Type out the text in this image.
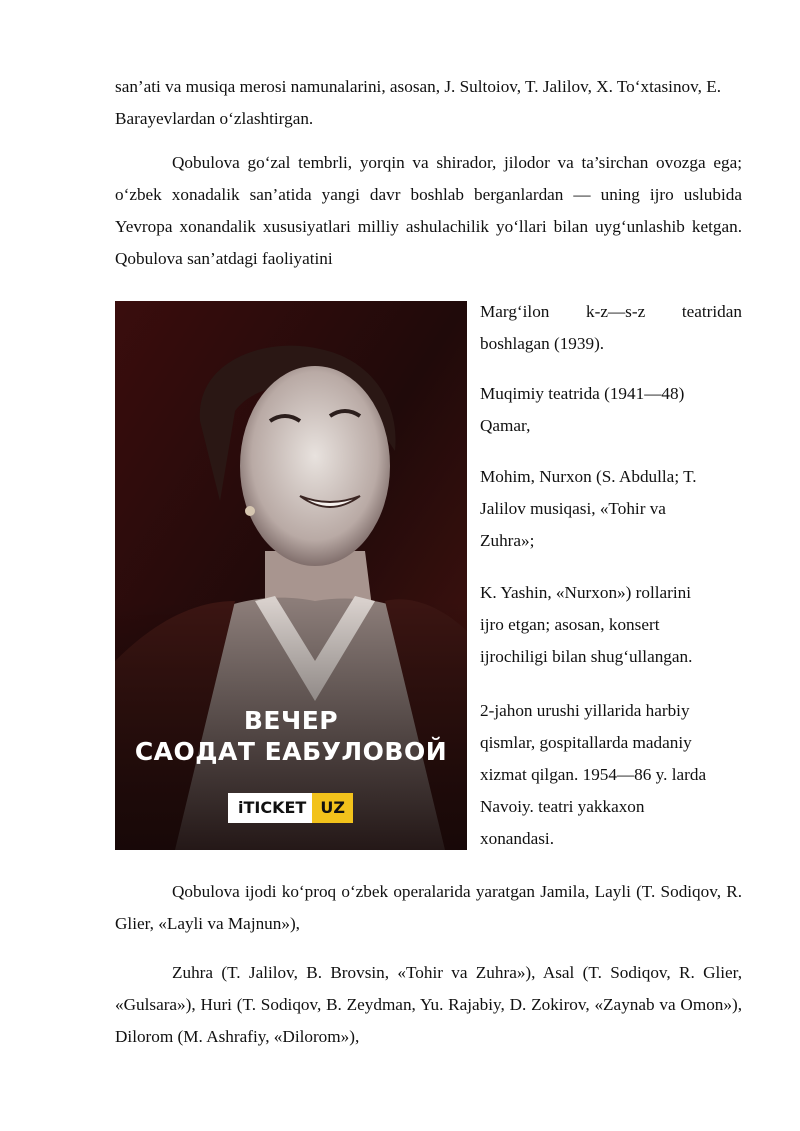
san’ati va musiqa merosi namunalarini, asosan, J. Sultoiov, T. Jalilov, X. To‘xtasinov, E. Barayevlardan o‘zlashtirgan.

Qobulova go‘zal tembrli, yorqin va shirador, jilodor va ta’sirchan ovozga ega; o‘zbek xonadalik san’atida yangi davr boshlab berganlardan — uning ijro uslubida Yevropa xonandalik xususiyatlari milliy ashulachilik yo‘llari bilan uyg‘unlashib ketgan. Qobulova san’atdagi faoliyatini

ВЕЧЕР
САОДАТ ЕАБУЛОВОЙ
iTICKET UZ
Marg‘ilon k-z—s-z teatridan
boshlagan (1939).
Muqimiy teatrida (1941—48)
Qamar,
Mohim, Nurxon (S. Abdulla; T.
Jalilov musiqasi, «Tohir va
Zuhra»;
K. Yashin, «Nurxon») rollarini
ijro etgan; asosan, konsert
ijrochiligi bilan shug‘ullangan.
2-jahon urushi yillarida harbiy
qismlar, gospitallarda madaniy
xizmat qilgan. 1954—86 y. larda
Navoiy. teatri yakkaxon
xonandasi.

Qobulova ijodi ko‘proq o‘zbek operalarida yaratgan Jamila, Layli (T. Sodiqov, R. Glier, «Layli va Majnun»),

Zuhra (T. Jalilov, B. Brovsin, «Tohir va Zuhra»), Asal (T. Sodiqov, R. Glier, «Gulsara»), Huri (T. Sodiqov, B. Zeydman, Yu. Rajabiy, D. Zokirov, «Zaynab va Omon»), Dilorom (M. Ashrafiy, «Dilorom»),
